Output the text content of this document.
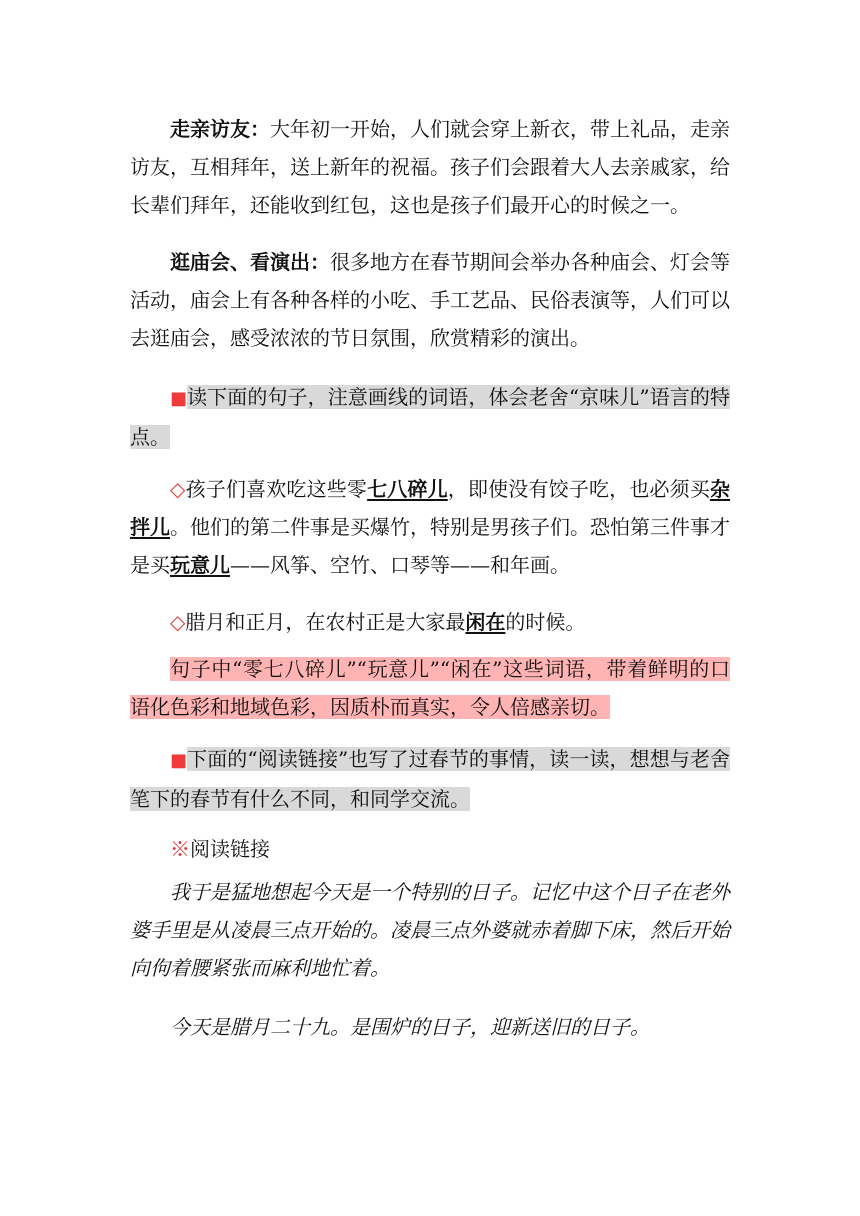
走亲访友：大年初一开始，人们就会穿上新衣，带上礼品，走亲访友，互相拜年，送上新年的祝福。孩子们会跟着大人去亲戚家，给长辈们拜年，还能收到红包，这也是孩子们最开心的时候之一。

逛庙会、看演出：很多地方在春节期间会举办各种庙会、灯会等活动，庙会上有各种各样的小吃、手工艺品、民俗表演等，人们可以去逛庙会，感受浓浓的节日氛围，欣赏精彩的演出。

■读下面的句子，注意画线的词语，体会老舍“京味儿”语言的特点。

◇孩子们喜欢吃这些零七八碎儿，即使没有饺子吃，也必须买杂拌儿。他们的第二件事是买爆竹，特别是男孩子们。恐怕第三件事才是买玩意儿——风筝、空竹、口琴等——和年画。

◇腊月和正月，在农村正是大家最闲在的时候。

句子中“零七八碎儿”“玩意儿”“闲在”这些词语，带着鲜明的口语化色彩和地域色彩，因质朴而真实，令人倍感亲切。

■下面的“阅读链接”也写了过春节的事情，读一读，想想与老舍笔下的春节有什么不同，和同学交流。

※阅读链接

我于是猛地想起今天是一个特别的日子。记忆中这个日子在老外婆手里是从凌晨三点开始的。凌晨三点外婆就赤着脚下床，然后开始向佝着腰紧张而麻利地忙着。

今天是腊月二十九。是围炉的日子，迎新送旧的日子。
